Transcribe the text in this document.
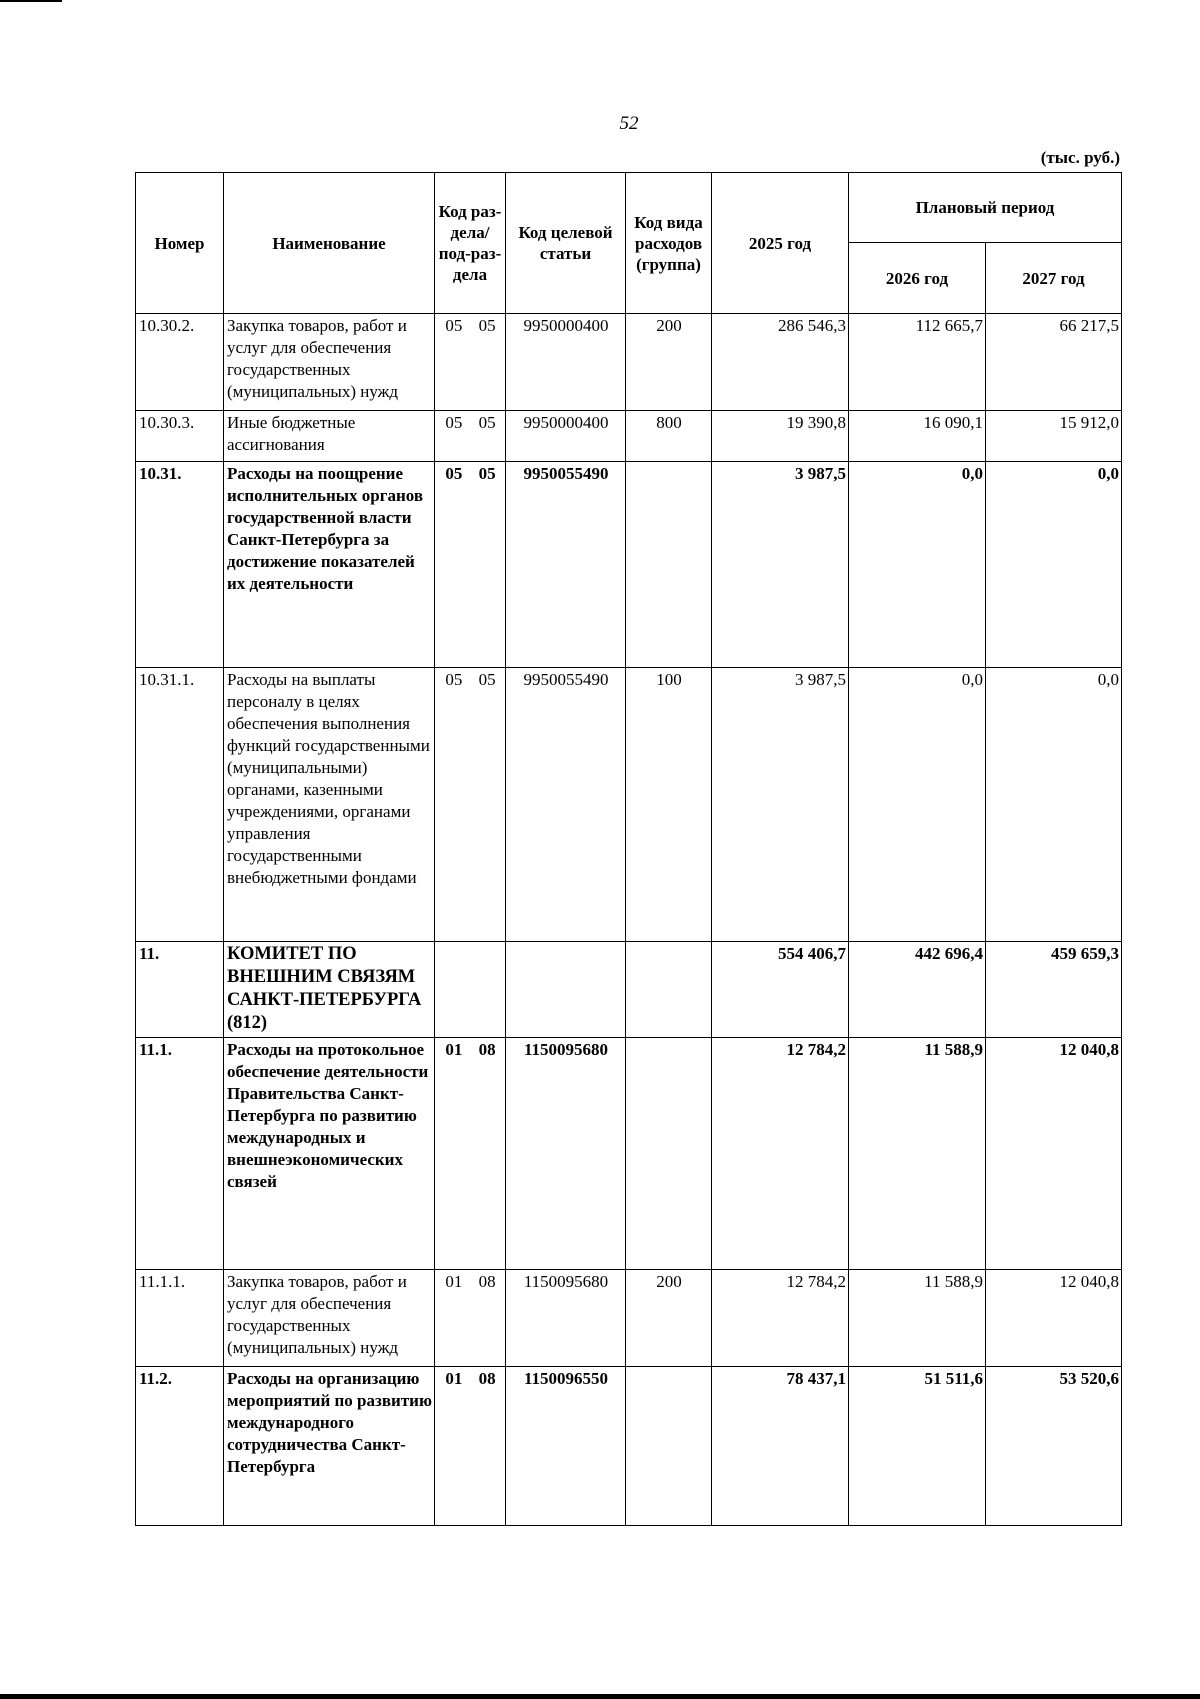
52
(тыс. руб.)
Номер	Наименование	Код раз-дела/ под-раз-дела	Код целевой статьи	Код вида расходов (группа)	2025 год	Плановый период	
						2026 год	2027 год
10.30.2.	Закупка товаров, работ и услуг для обеспечения государственных (муниципальных) нужд	05 05	9950000400	200	286 546,3	112 665,7	66 217,5
10.30.3.	Иные бюджетные ассигнования	05 05	9950000400	800	19 390,8	16 090,1	15 912,0
10.31.	Расходы на поощрение исполнительных органов государственной власти Санкт-Петербурга за достижение показателей их деятельности	05 05	9950055490		3 987,5	0,0	0,0
10.31.1.	Расходы на выплаты персоналу в целях обеспечения выполнения функций государственными (муниципальными) органами, казенными учреждениями, органами управления государственными внебюджетными фондами	05 05	9950055490	100	3 987,5	0,0	0,0
11.	КОМИТЕТ ПО ВНЕШНИМ СВЯЗЯМ САНКТ-ПЕТЕРБУРГА (812)				554 406,7	442 696,4	459 659,3
11.1.	Расходы на протокольное обеспечение деятельности Правительства Санкт-Петербурга по развитию международных и внешнеэкономических связей	01 08	1150095680		12 784,2	11 588,9	12 040,8
11.1.1.	Закупка товаров, работ и услуг для обеспечения государственных (муниципальных) нужд	01 08	1150095680	200	12 784,2	11 588,9	12 040,8
11.2.	Расходы на организацию мероприятий по развитию международного сотрудничества Санкт-Петербурга	01 08	1150096550		78 437,1	51 511,6	53 520,6
